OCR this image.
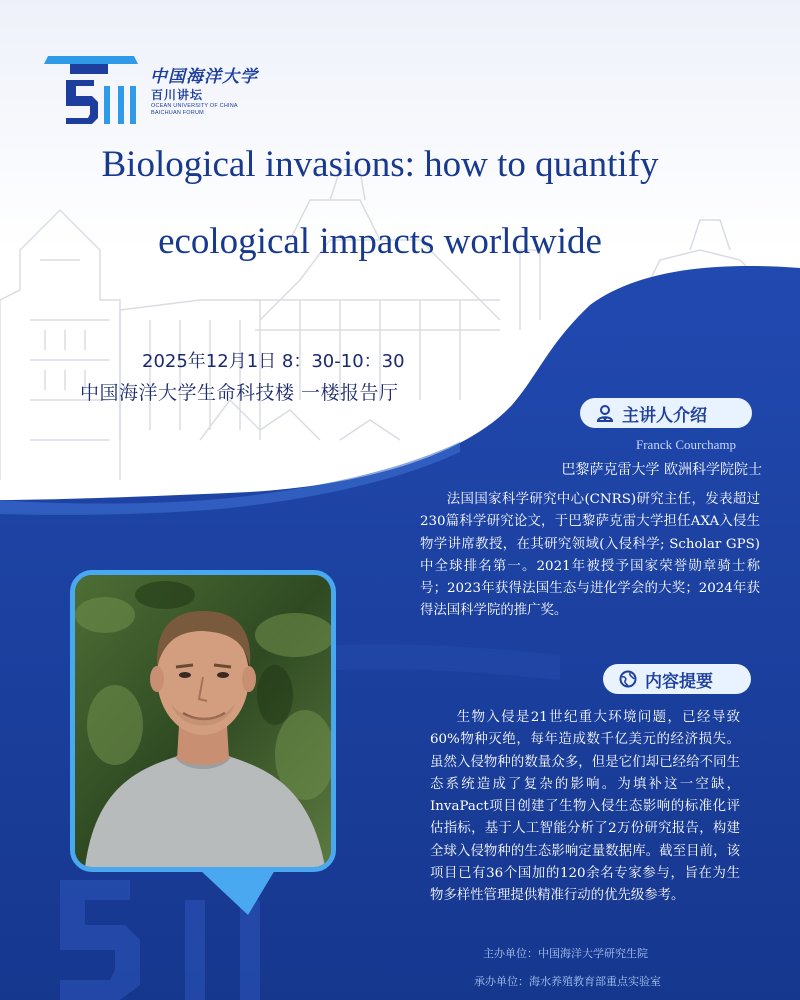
中国海洋大学
百川讲坛
OCEAN UNIVERSITY OF CHINA
BAICHUAN FORUM
Biological invasions: how to quantify
ecological impacts worldwide
2025年12月1日 8：30-10：30
中国海洋大学生命科技楼 一楼报告厅
主讲人介绍
Franck Courchamp
巴黎萨克雷大学 欧洲科学院院士
法国国家科学研究中心(CNRS)研究主任，发表超过230篇科学研究论文，于巴黎萨克雷大学担任AXA入侵生物学讲席教授，在其研究领域(入侵科学; Scholar GPS)中全球排名第一。2021年被授予国家荣誉勋章骑士称号；2023年获得法国生态与进化学会的大奖；2024年获得法国科学院的推广奖。
内容提要
生物入侵是21世纪重大环境问题，已经导致60%物种灭绝，每年造成数千亿美元的经济损失。虽然入侵物种的数量众多，但是它们却已经给不同生态系统造成了复杂的影响。为填补这一空缺，InvaPact项目创建了生物入侵生态影响的标准化评估指标，基于人工智能分析了2万份研究报告，构建全球入侵物种的生态影响定量数据库。截至目前，该项目已有36个国加的120余名专家参与，旨在为生物多样性管理提供精准行动的优先级参考。
主办单位：中国海洋大学研究生院
承办单位：海水养殖教育部重点实验室
